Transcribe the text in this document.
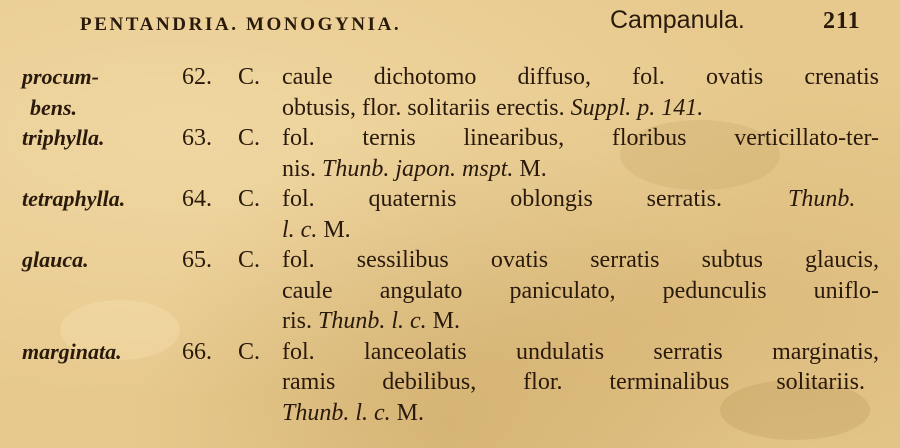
PENTANDRIA. MONOGYNIA.	Campanula.	211
procum-	62. C. caule dichotomo diffuso, fol. ovatis crenatis
bens.	obtusis, flor. solitariis erectis. Suppl. p. 141.
triphylla.	63. C. fol. ternis linearibus, floribus verticillato-ter-
nis. Thunb. japon. mspt. M.
tetraphylla. 64. C. fol. quaternis oblongis serratis.	Thunb.
l. c. M.
glauca.	65. C. fol. sessilibus ovatis serratis subtus glaucis,
caule angulato paniculato, pedunculis uniflo-
ris. Thunb. l. c. M.
marginata.	66. C. fol. lanceolatis undulatis serratis marginatis,
ramis debilibus, flor. terminalibus solitariis.
Thunb. l. c. M.
